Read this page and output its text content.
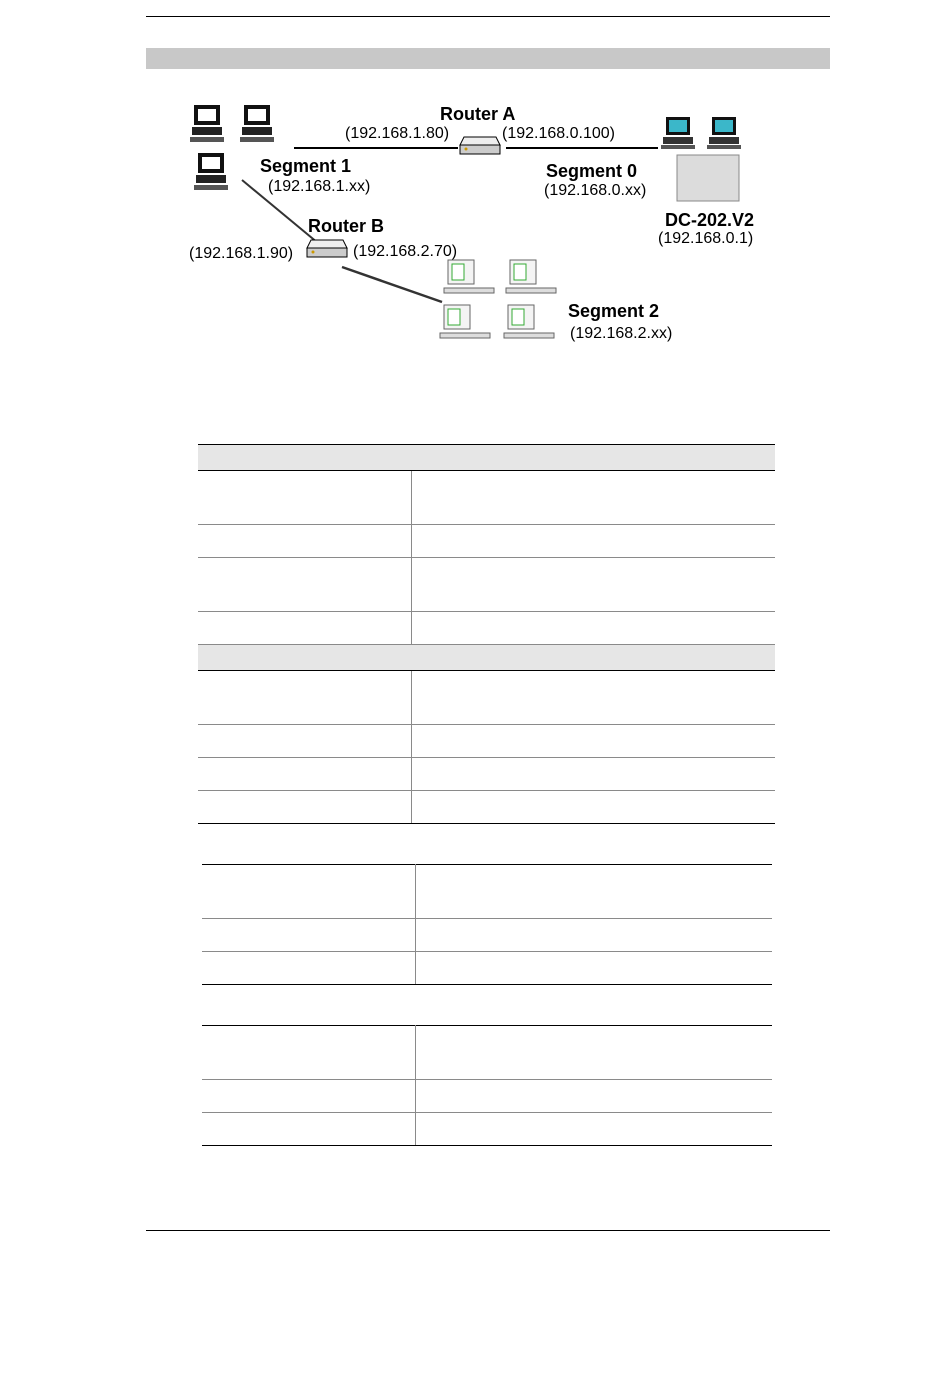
Router A
(192.168.1.80)	(192.168.0.100)
Segment 1
(192.168.1.xx)
Segment 0
(192.168.0.xx)
DC-202.V2
(192.168.0.1)
Router B
(192.168.1.90)	(192.168.2.70)
Segment 2
(192.168.2.xx)
